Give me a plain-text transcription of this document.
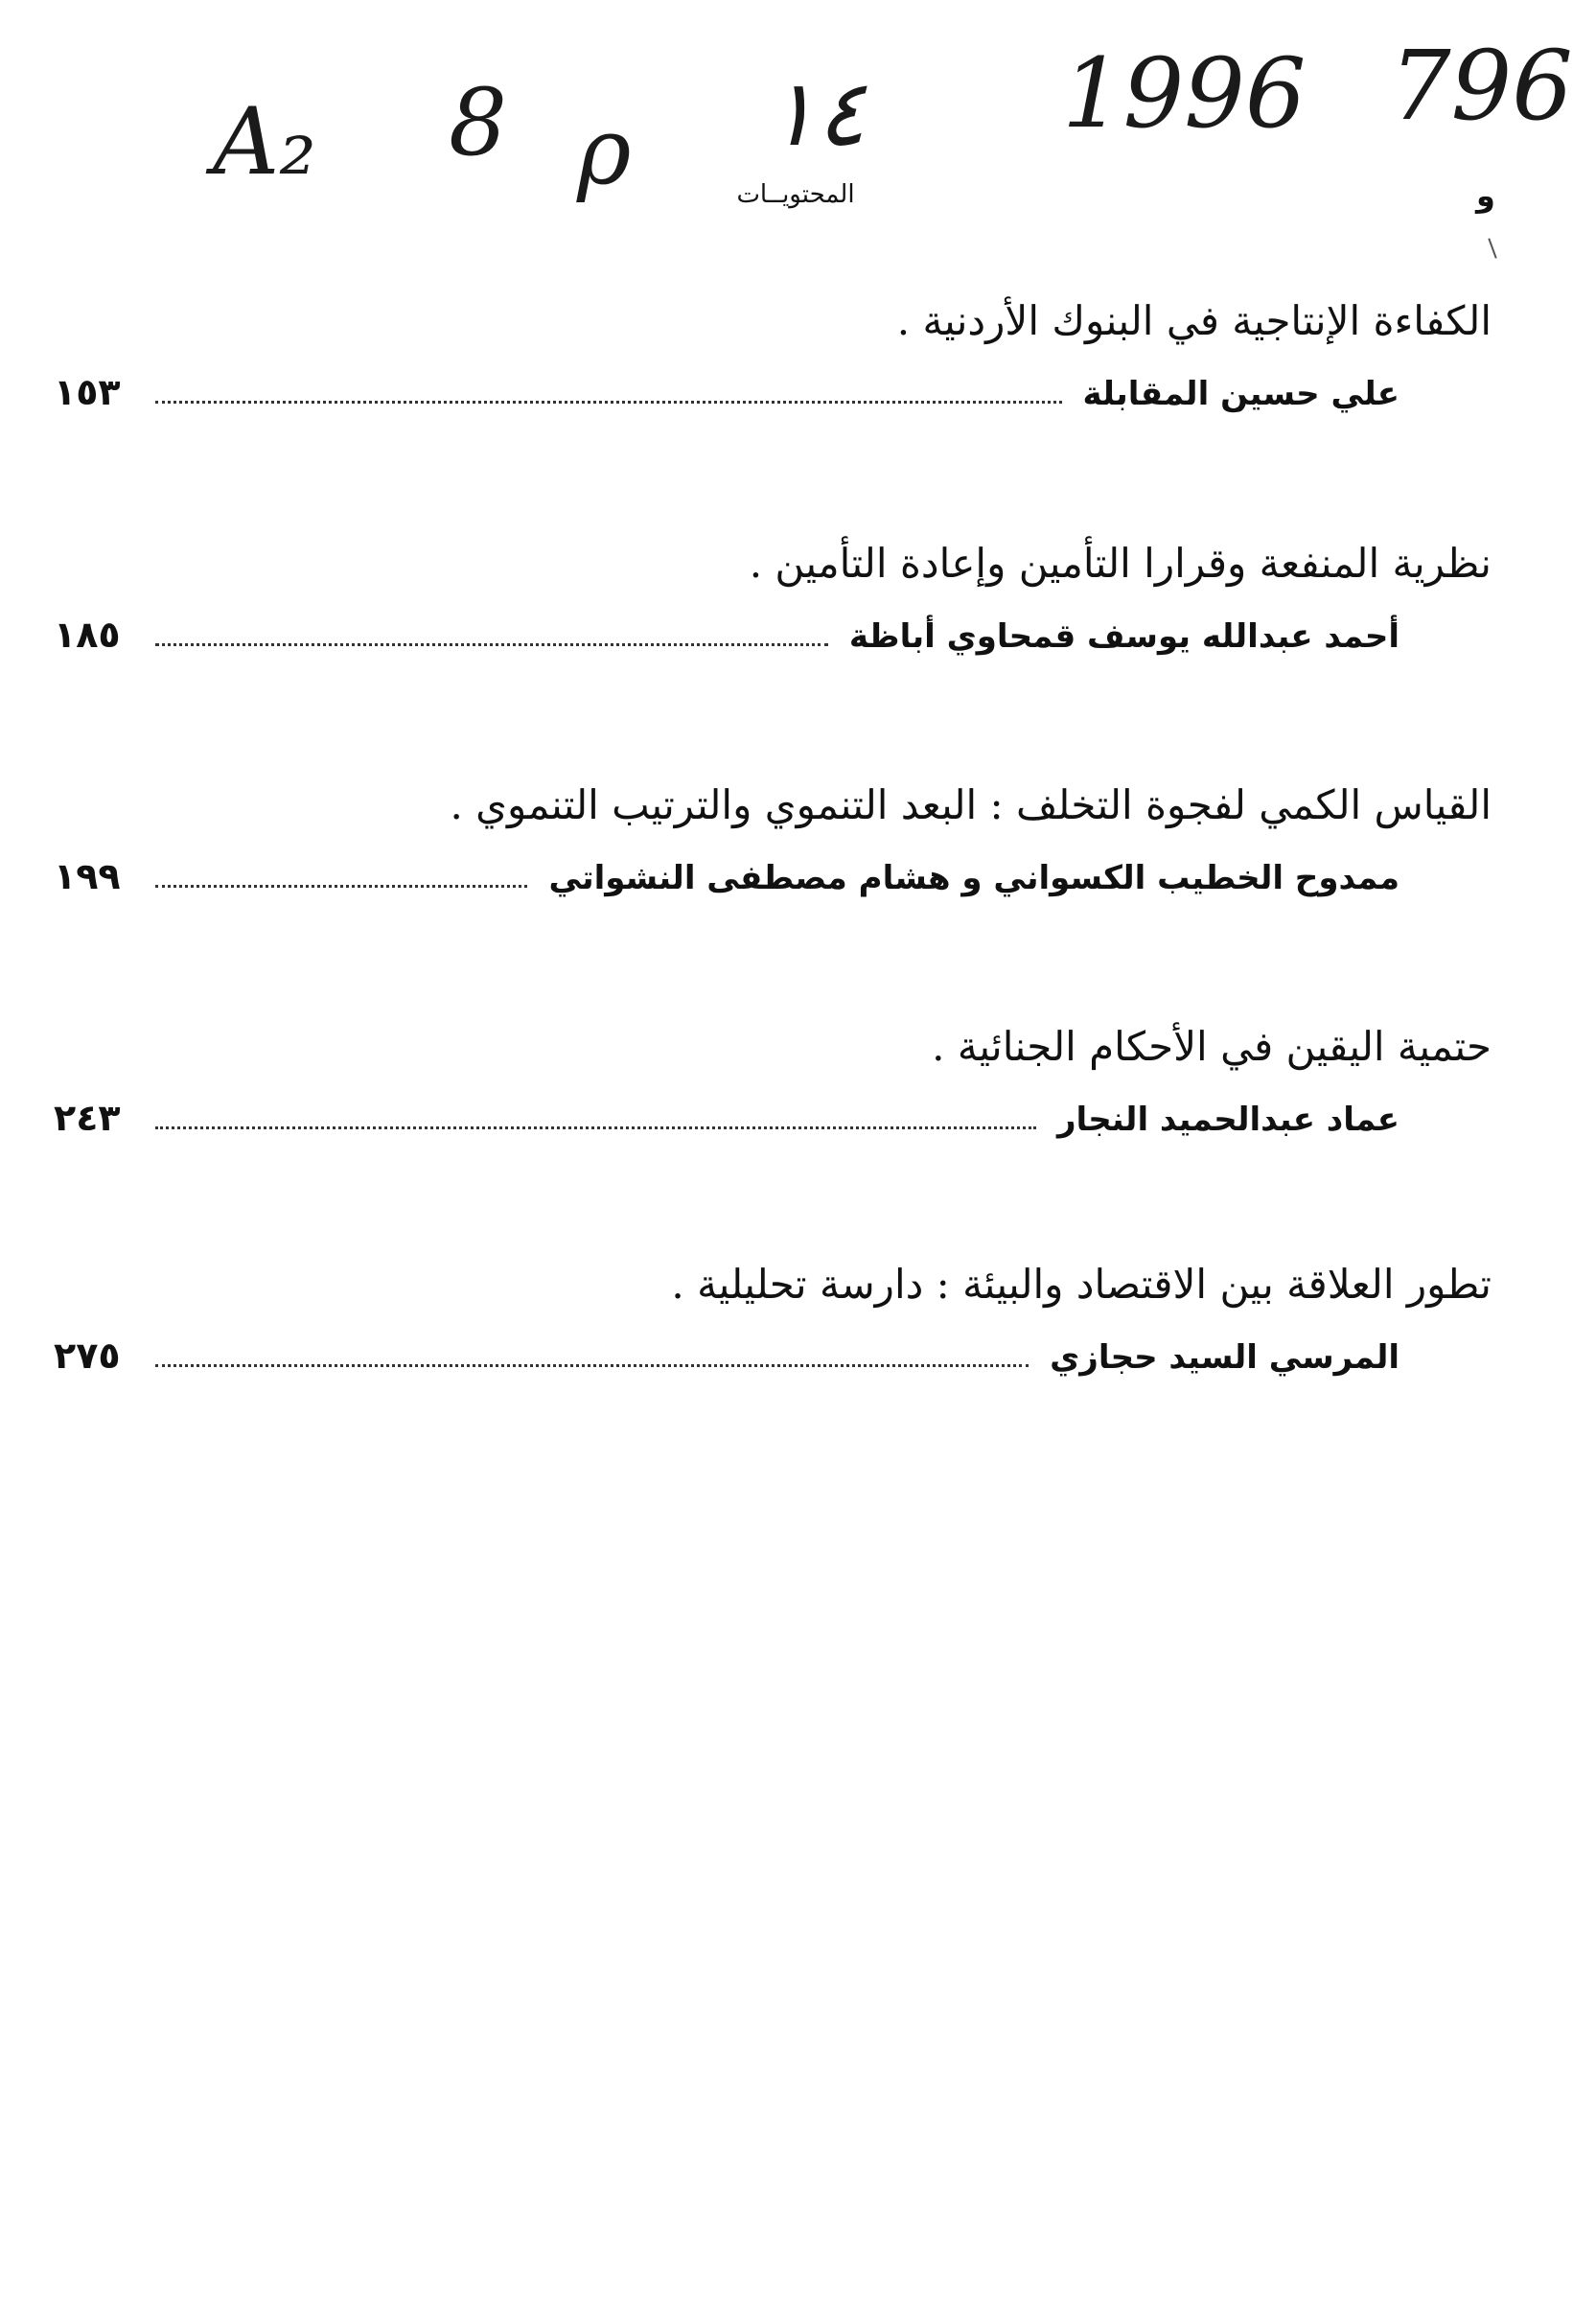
A₂ 8 ρ ١٤ 1996 796
و
المحتويــات
الكفاءة الإنتاجية في البنوك الأردنية .
علي حسين المقابلة
١٥٣
نظرية المنفعة وقرارا التأمين وإعادة التأمين .
أحمد عبدالله يوسف قمحاوي أباظة
١٨٥
القياس الكمي لفجوة التخلف : البعد التنموي والترتيب التنموي .
ممدوح الخطيب الكسواني و هشام مصطفى النشواتي
١٩٩
حتمية اليقين في الأحكام الجنائية .
عماد عبدالحميد النجار
٢٤٣
تطور العلاقة بين الاقتصاد والبيئة : دارسة تحليلية .
المرسي السيد حجازي
٢٧٥
